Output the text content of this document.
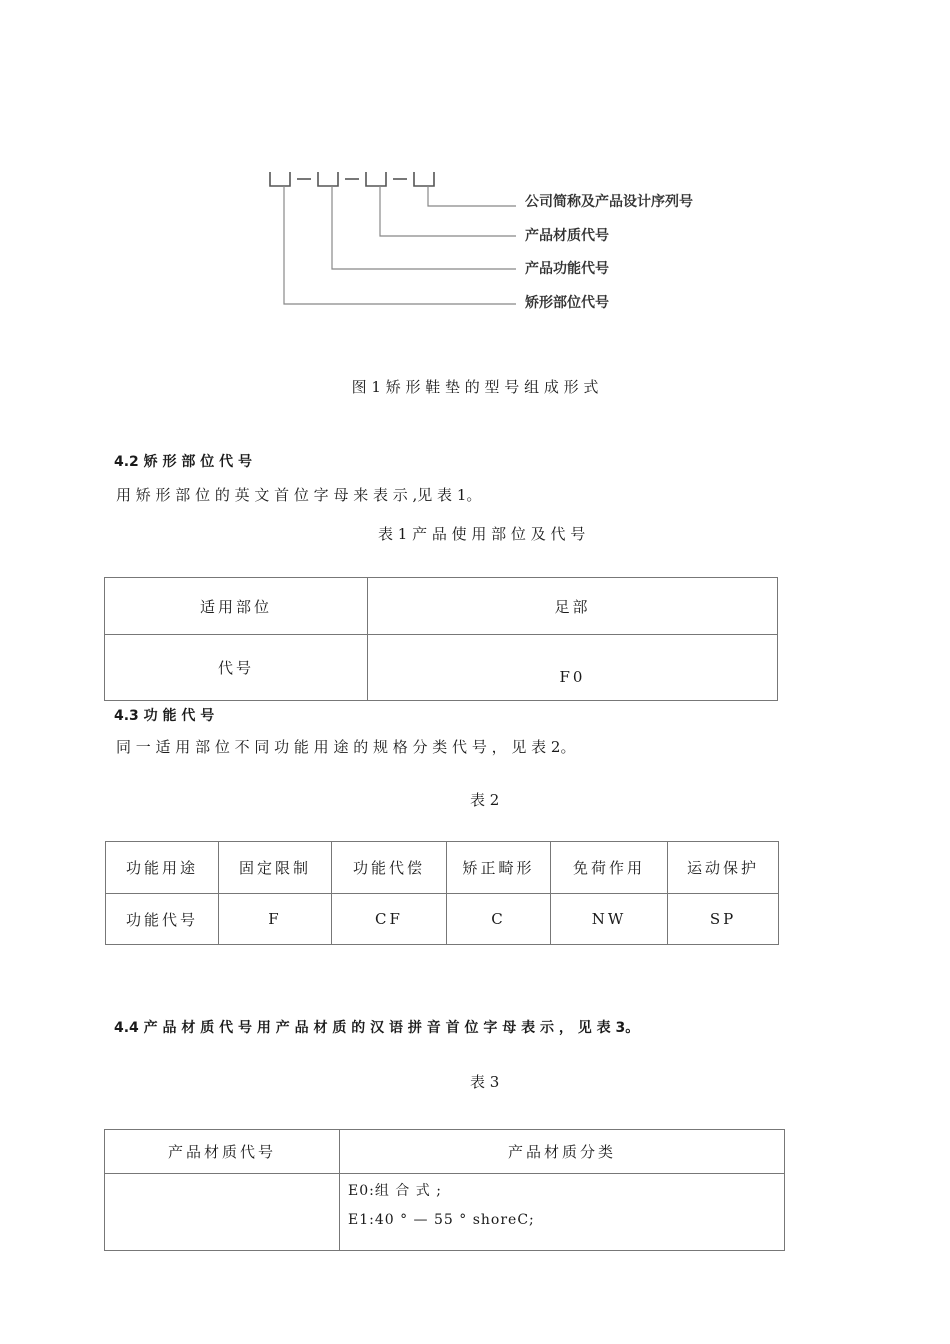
公司简称及产品设计序列号
产品材质代号
产品功能代号
矫形部位代号
图 1 矫 形 鞋 垫 的 型 号 组 成 形 式
4.2 矫 形 部 位 代 号
用 矫 形 部 位 的 英 文 首 位 字 母 来 表 示 ,见 表 1。
表 1 产 品 使 用 部 位 及 代 号
适用部位	足部
代号	F0
4.3 功 能 代 号
同 一 适 用 部 位 不 同 功 能 用 途 的 规 格 分 类 代 号 ， 见 表 2。
表 2
功能用途	固定限制	功能代偿	矫正畸形	免荷作用	运动保护
功能代号	F	CF	C	NW	SP
4.4 产 品 材 质 代 号 用 产 品 材 质 的 汉 语 拼 音 首 位 字 母 表 示 ， 见 表 3。
表 3
产品材质代号	产品材质分类

	E0:组 合 式 ;
E1:40 ° — 55 ° shoreC;
